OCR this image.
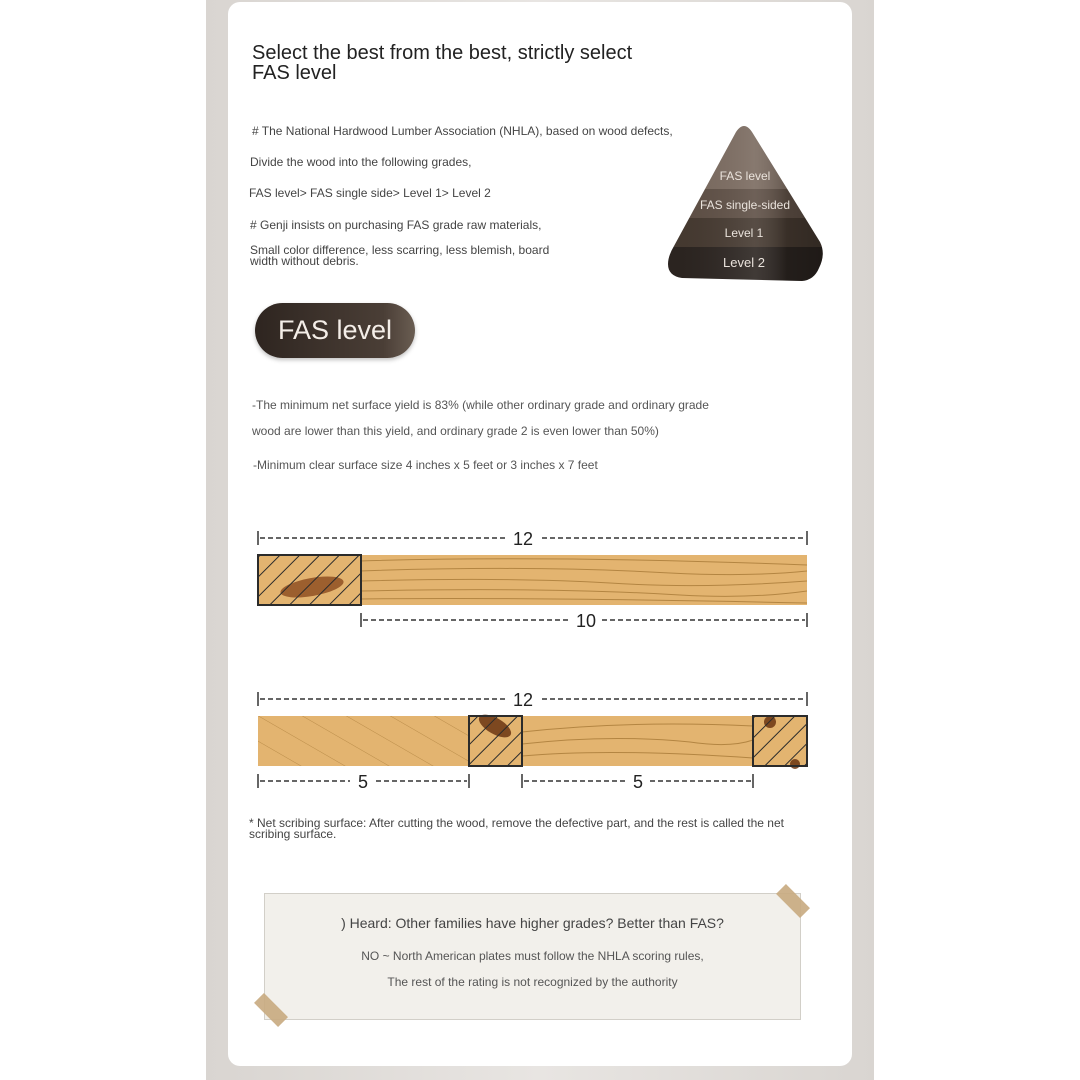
Select the best from the best, strictly select FAS level
# The National Hardwood Lumber Association (NHLA), based on wood defects,
Divide the wood into the following grades,
FAS level> FAS single side> Level 1> Level 2
# Genji insists on purchasing FAS grade raw materials,
Small color difference, less scarring, less blemish, board width without debris.
FAS level
FAS single-sided
Level 1
Level 2
FAS level
-The minimum net surface yield is 83% (while other ordinary grade and ordinary grade
wood are lower than this yield, and ordinary grade 2 is even lower than 50%)
-Minimum clear surface size 4 inches x 5 feet or 3 inches x 7 feet
12
10
12
5	5
* Net scribing surface: After cutting the wood, remove the defective part, and the rest is called the net scribing surface.
) Heard: Other families have higher grades? Better than FAS?
NO ~ North American plates must follow the NHLA scoring rules,
The rest of the rating is not recognized by the authority
